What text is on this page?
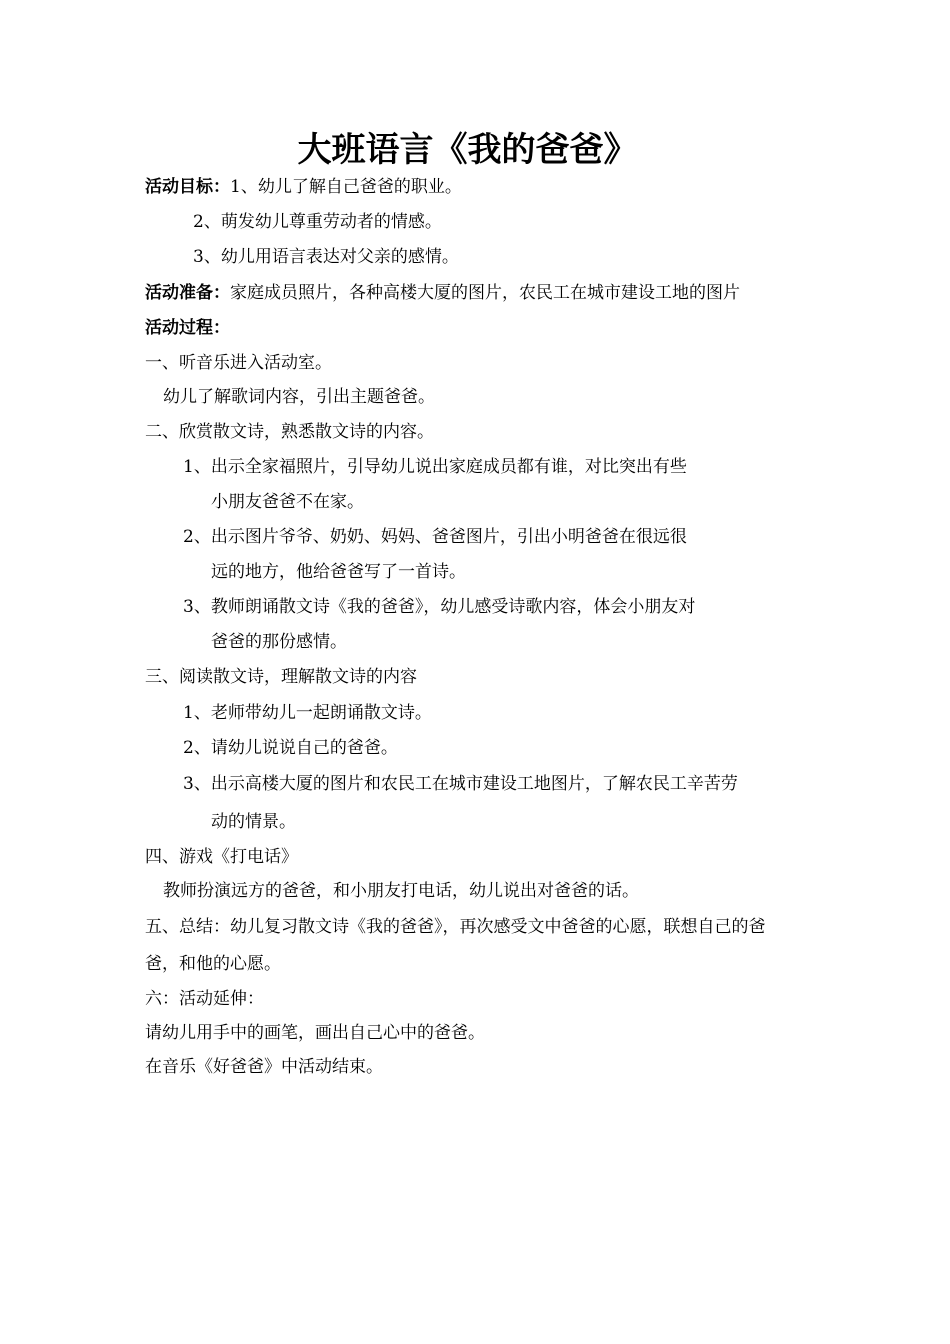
大班语言《我的爸爸》
活动目标：1、幼儿了解自己爸爸的职业。
2、萌发幼儿尊重劳动者的情感。
3、幼儿用语言表达对父亲的感情。
活动准备：家庭成员照片，各种高楼大厦的图片，农民工在城市建设工地的图片
活动过程：
一、听音乐进入活动室。
幼儿了解歌词内容，引出主题爸爸。
二、欣赏散文诗，熟悉散文诗的内容。
1、出示全家福照片，引导幼儿说出家庭成员都有谁，对比突出有些
小朋友爸爸不在家。
2、出示图片爷爷、奶奶、妈妈、爸爸图片，引出小明爸爸在很远很
远的地方，他给爸爸写了一首诗。
3、教师朗诵散文诗《我的爸爸》，幼儿感受诗歌内容，体会小朋友对
爸爸的那份感情。
三、阅读散文诗，理解散文诗的内容
1、老师带幼儿一起朗诵散文诗。
2、请幼儿说说自己的爸爸。
3、出示高楼大厦的图片和农民工在城市建设工地图片，了解农民工辛苦劳
动的情景。
四、游戏《打电话》
教师扮演远方的爸爸，和小朋友打电话，幼儿说出对爸爸的话。
五、总结：幼儿复习散文诗《我的爸爸》，再次感受文中爸爸的心愿，联想自己的爸
爸，和他的心愿。
六：活动延伸：
请幼儿用手中的画笔，画出自己心中的爸爸。
在音乐《好爸爸》中活动结束。
